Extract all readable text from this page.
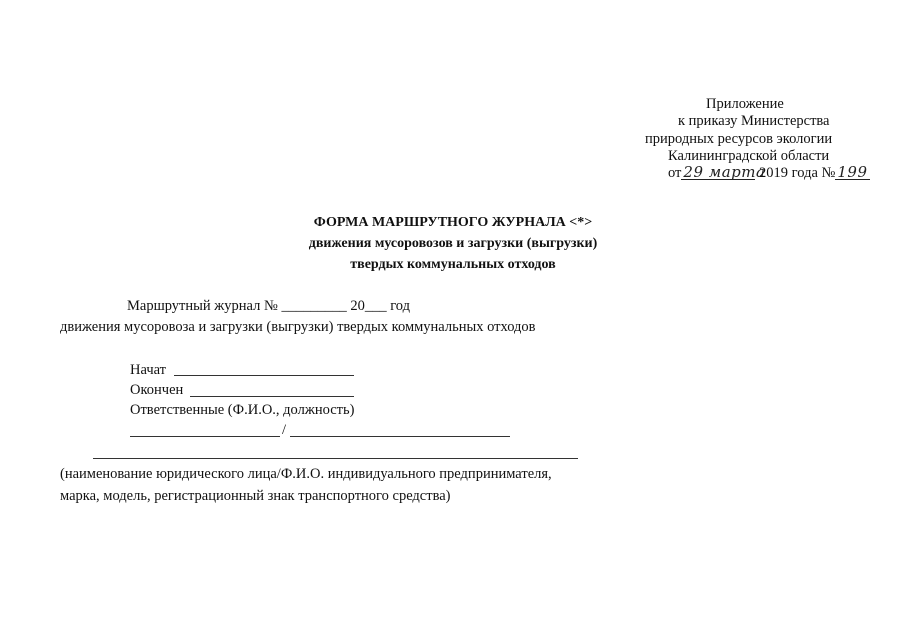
Приложение
к приказу Министерства
природных ресурсов экологии
Калининградской области
от 29 марта 2019 года № 199
ФОРМА МАРШРУТНОГО ЖУРНАЛА <*>
движения мусоровозов и загрузки (выгрузки)
твердых коммунальных отходов
Маршрутный журнал № _________ 20___ год
движения мусоровоза и загрузки (выгрузки) твердых коммунальных отходов
Начат
Окончен
Ответственные (Ф.И.О., должность)
/
(наименование юридического лица/Ф.И.О. индивидуального предпринимателя,
марка, модель, регистрационный знак транспортного средства)
